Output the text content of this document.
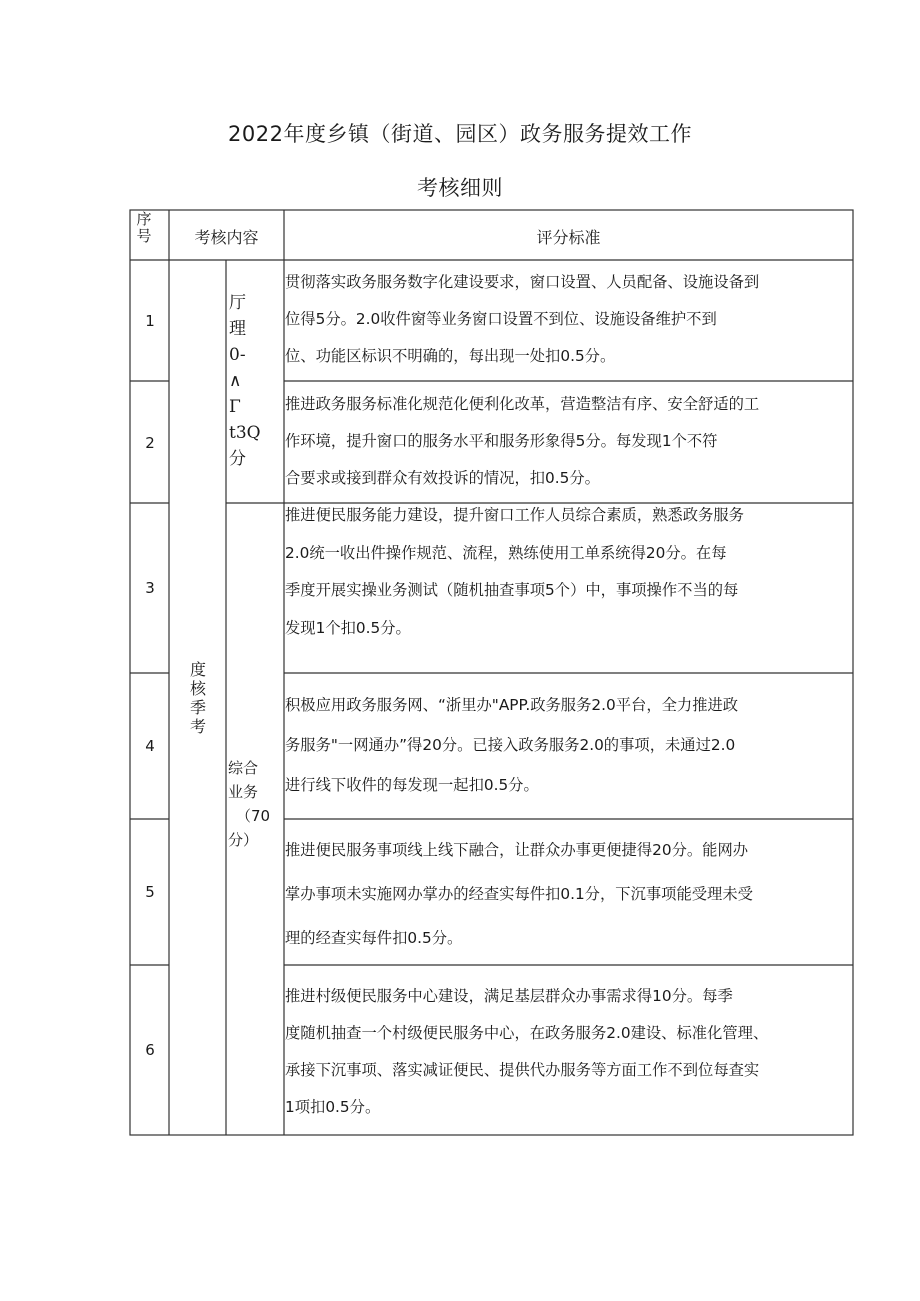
2022年度乡镇（街道、园区）政务服务提效工作
考核细则
序号	考核内容	评分标准
1
2
3
4
5
6
度核季考
厅
理
0-
∧
Γ
t3Q
分
综合
业务
（70
分）
贯彻落实政务服务数字化建设要求，窗口设置、人员配备、设施设备到
位得5分。2.0收件窗等业务窗口设置不到位、设施设备维护不到
位、功能区标识不明确的，每出现一处扣0.5分。
推进政务服务标准化规范化便利化改革，营造整洁有序、安全舒适的工
作环境，提升窗口的服务水平和服务形象得5分。每发现1个不符
合要求或接到群众有效投诉的情况，扣0.5分。
推进便民服务能力建设，提升窗口工作人员综合素质，熟悉政务服务
2.0统一收出件操作规范、流程，熟练使用工单系统得20分。在每
季度开展实操业务测试（随机抽查事项5个）中，事项操作不当的每
发现1个扣0.5分。
积极应用政务服务网、“浙里办"APP.政务服务2.0平台，全力推进政
务服务"一网通办”得20分。已接入政务服务2.0的事项，未通过2.0
进行线下收件的每发现一起扣0.5分。
推进便民服务事项线上线下融合，让群众办事更便捷得20分。能网办
掌办事项未实施网办掌办的经查实每件扣0.1分，下沉事项能受理未受
理的经查实每件扣0.5分。
推进村级便民服务中心建设，满足基层群众办事需求得10分。每季
度随机抽查一个村级便民服务中心，在政务服务2.0建设、标准化管理、
承接下沉事项、落实减证便民、提供代办服务等方面工作不到位每查实
1项扣0.5分。
